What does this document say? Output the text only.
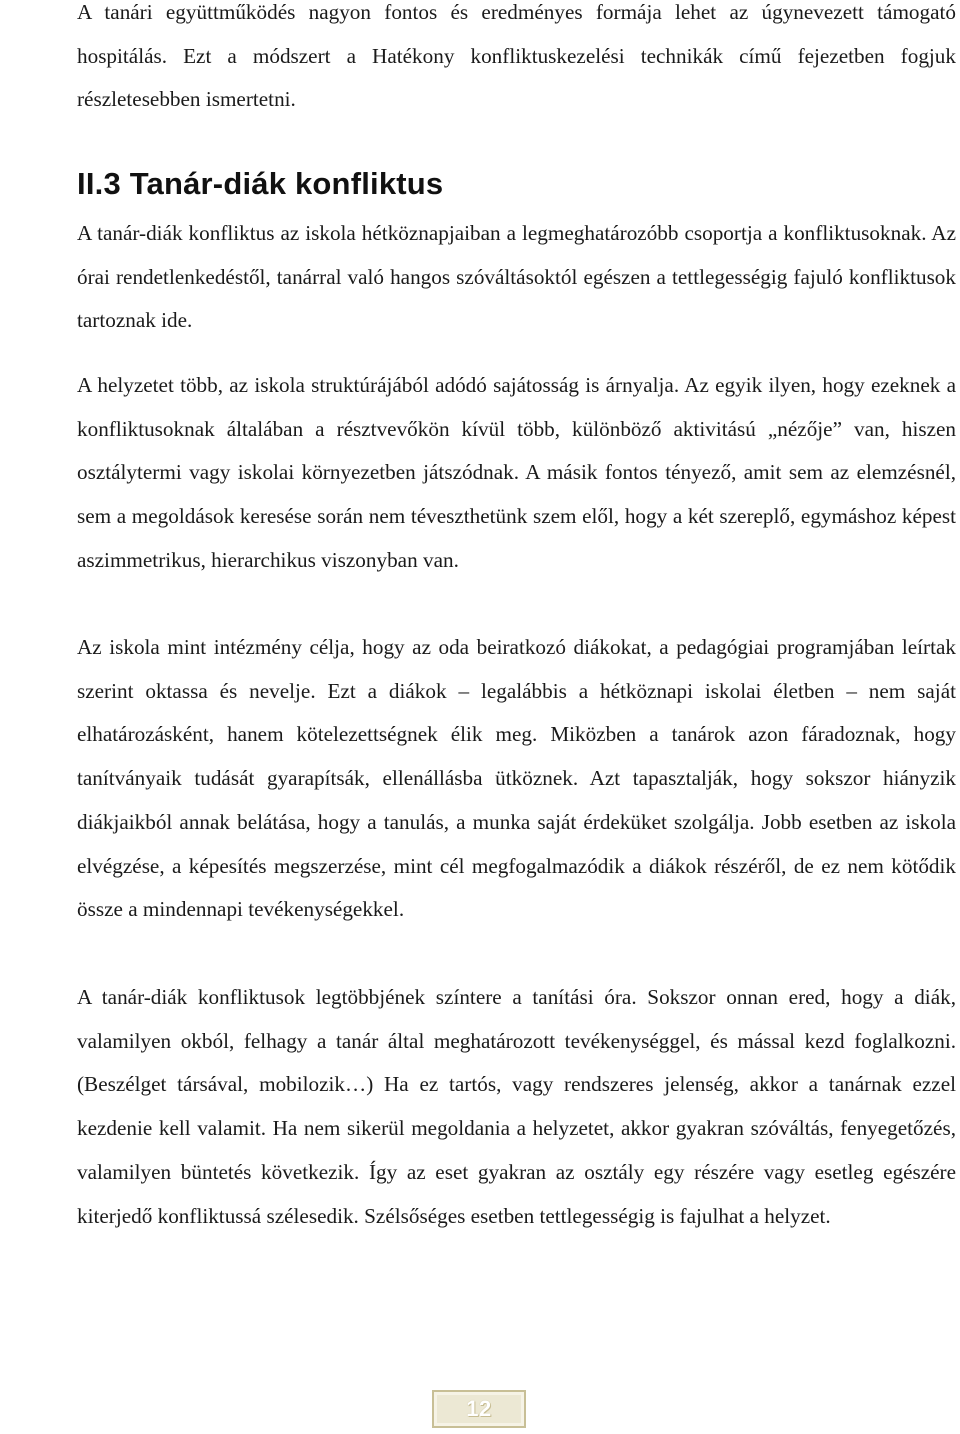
A tanári együttműködés nagyon fontos és eredményes formája lehet az úgynevezett támogató hospitálás. Ezt a módszert a Hatékony konfliktuskezelési technikák című fejezetben fogjuk részletesebben ismertetni.

II.3 Tanár-diák konfliktus

A tanár-diák konfliktus az iskola hétköznapjaiban a legmeghatározóbb csoportja a konfliktusoknak. Az órai rendetlenkedéstől, tanárral való hangos szóváltásoktól egészen a tettlegességig fajuló konfliktusok tartoznak ide.

A helyzetet több, az iskola struktúrájából adódó sajátosság is árnyalja. Az egyik ilyen, hogy ezeknek a konfliktusoknak általában a résztvevőkön kívül több, különböző aktivitású „nézője” van, hiszen osztálytermi vagy iskolai környezetben játszódnak. A másik fontos tényező, amit sem az elemzésnél, sem a megoldások keresése során nem téveszthetünk szem elől, hogy a két szereplő, egymáshoz képest aszimmetrikus, hierarchikus viszonyban van.

Az iskola mint intézmény célja, hogy az oda beiratkozó diákokat, a pedagógiai programjában leírtak szerint oktassa és nevelje. Ezt a diákok – legalábbis a hétköznapi iskolai életben – nem saját elhatározásként, hanem kötelezettségnek élik meg. Miközben a tanárok azon fáradoznak, hogy tanítványaik tudását gyarapítsák, ellenállásba ütköznek. Azt tapasztalják, hogy sokszor hiányzik diákjaikból annak belátása, hogy a tanulás, a munka saját érdeküket szolgálja. Jobb esetben az iskola elvégzése, a képesítés megszerzése, mint cél megfogalmazódik a diákok részéről, de ez nem kötődik össze a mindennapi tevékenységekkel.

A tanár-diák konfliktusok legtöbbjének színtere a tanítási óra. Sokszor onnan ered, hogy a diák, valamilyen okból, felhagy a tanár által meghatározott tevékenységgel, és mással kezd foglalkozni. (Beszélget társával, mobilozik…) Ha ez tartós, vagy rendszeres jelenség, akkor a tanárnak ezzel kezdenie kell valamit. Ha nem sikerül megoldania a helyzetet, akkor gyakran szóváltás, fenyegetőzés, valamilyen büntetés következik. Így az eset gyakran az osztály egy részére vagy esetleg egészére kiterjedő konfliktussá szélesedik. Szélsőséges esetben tettlegességig is fajulhat a helyzet.

12
